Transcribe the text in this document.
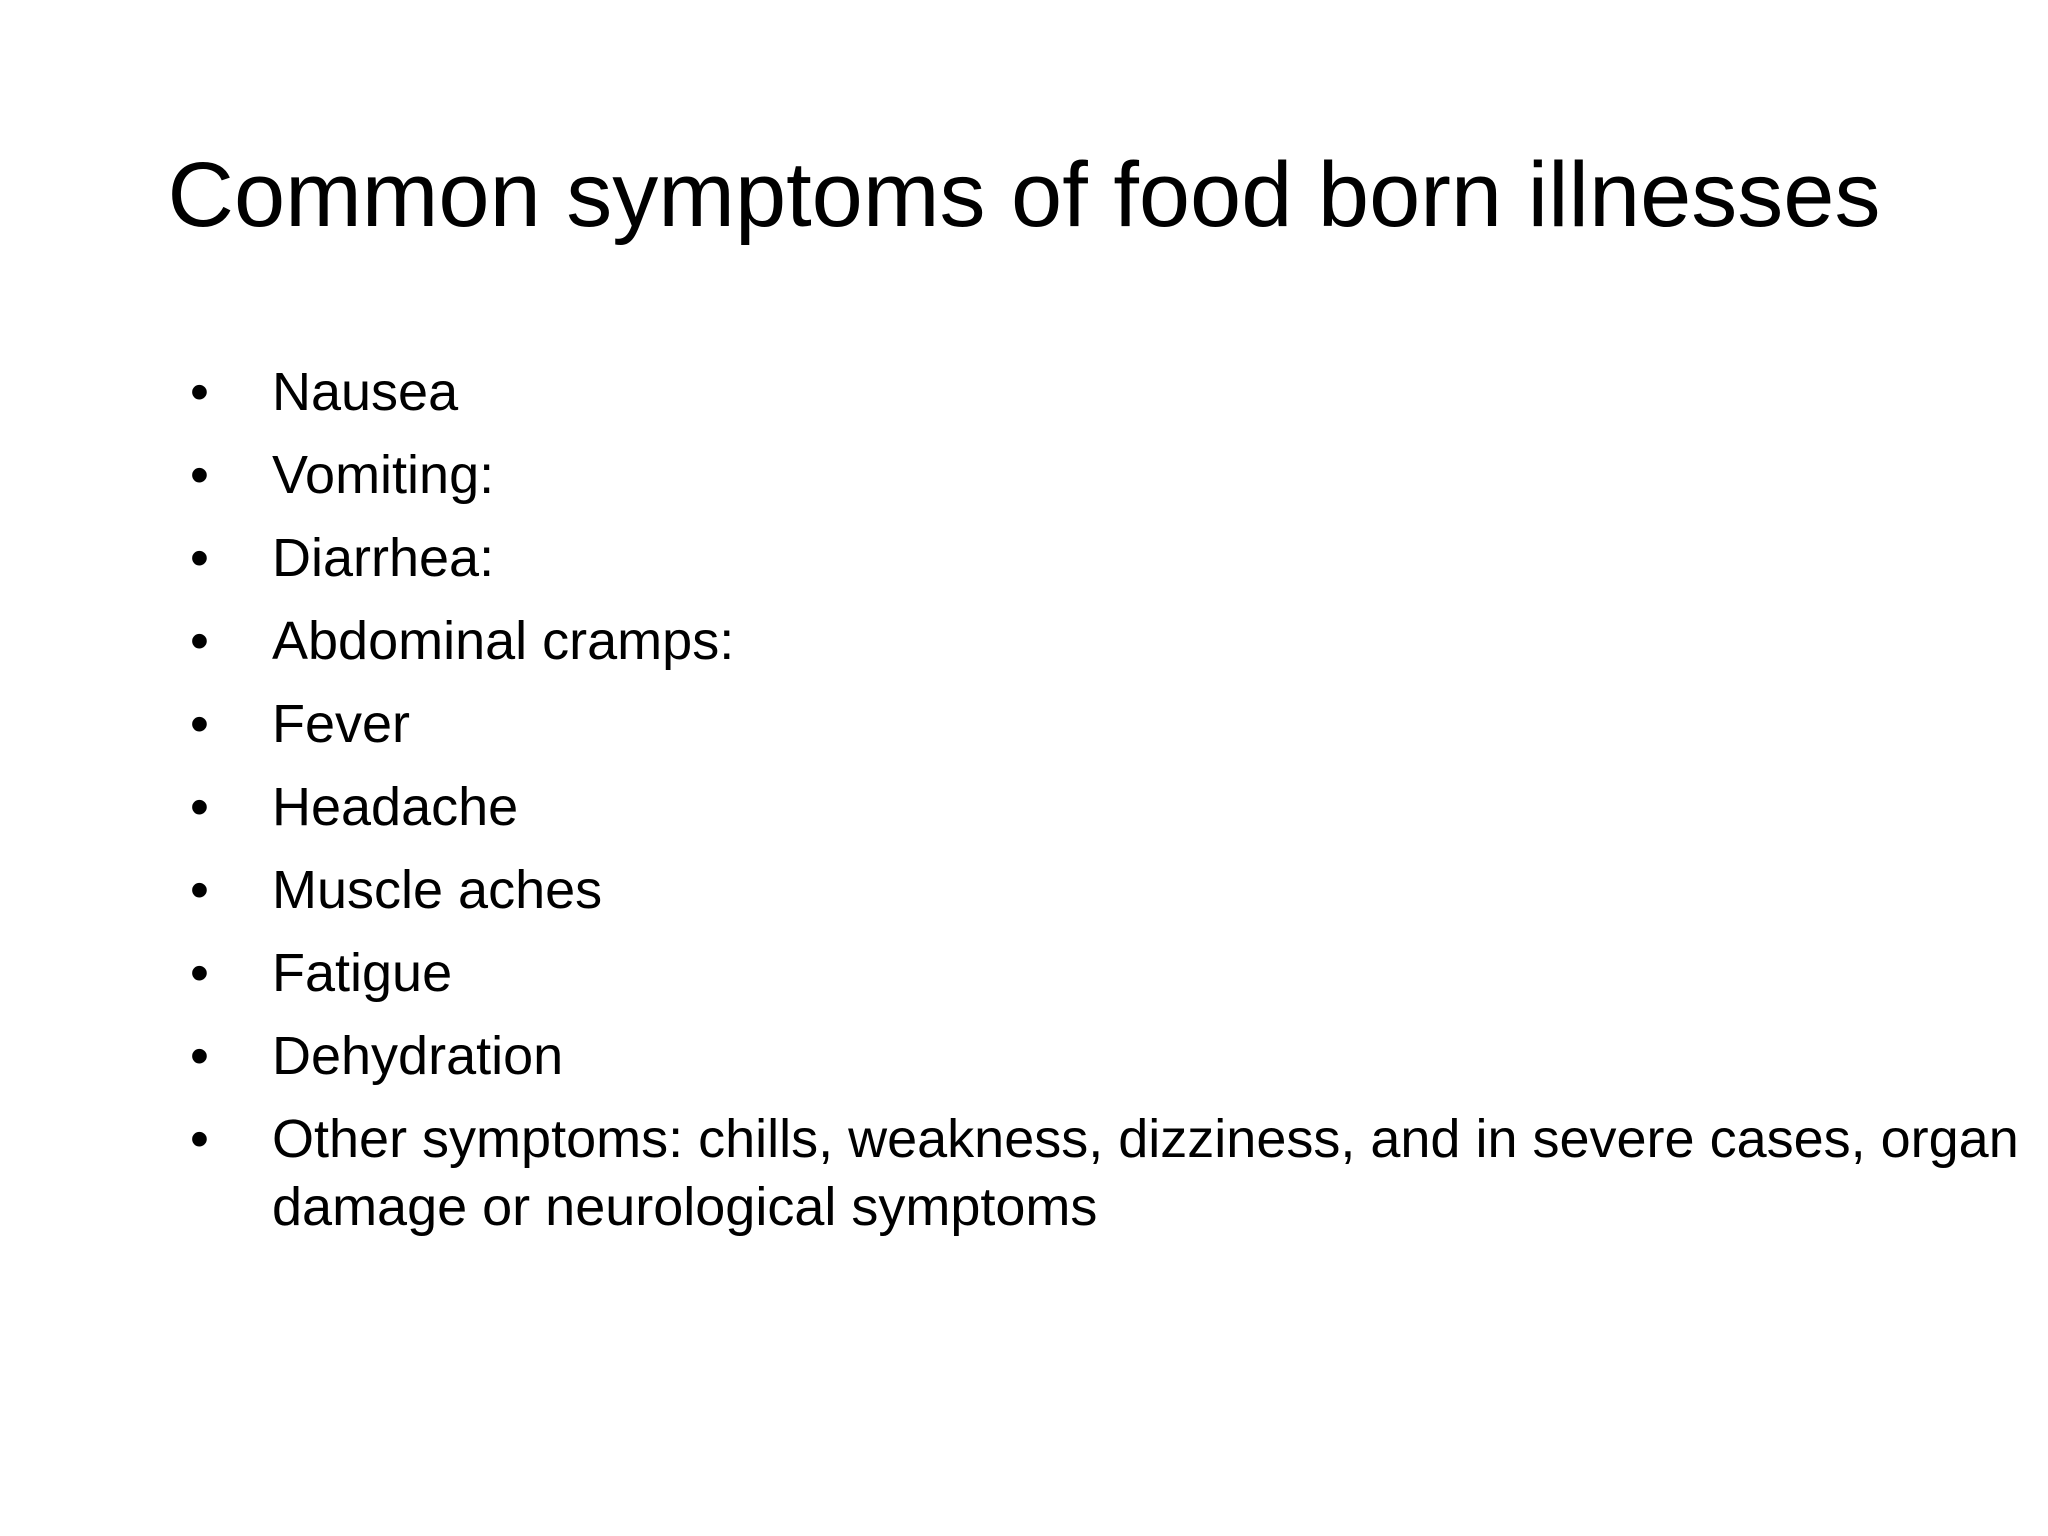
Common symptoms of food born illnesses
•	Nausea
•	Vomiting:
•	Diarrhea:
•	Abdominal cramps:
•	Fever
•	Headache
•	Muscle aches
•	Fatigue
•	Dehydration
•	Other symptoms: chills, weakness, dizziness, and in severe cases, organ damage or neurological symptoms
